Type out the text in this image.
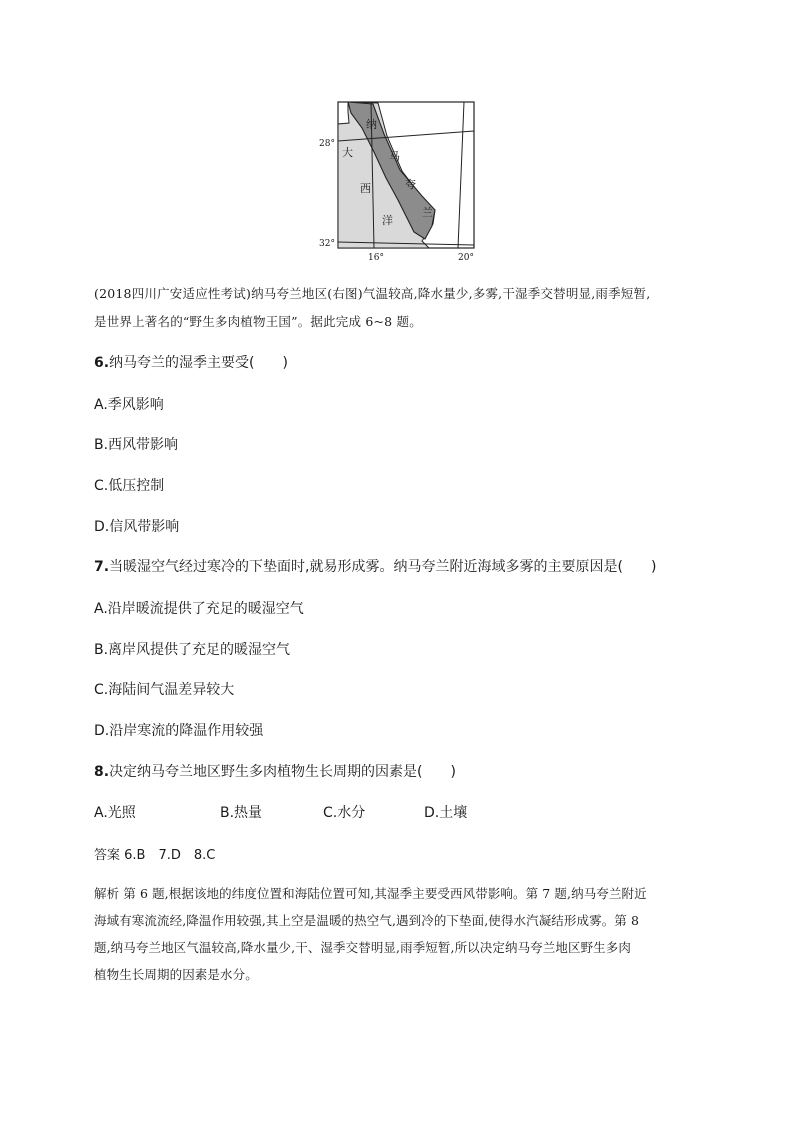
纳
马
夸
兰
大
西
洋
28°
32°
16°	20°
(2018四川广安适应性考试)纳马夸兰地区(右图)气温较高,降水量少,多雾,干湿季交替明显,雨季短暂,
是世界上著名的“野生多肉植物王国”。据此完成 6~8 题。
6.纳马夸兰的湿季主要受(　　)
A.季风影响
B.西风带影响
C.低压控制
D.信风带影响
7.当暖湿空气经过寒冷的下垫面时,就易形成雾。纳马夸兰附近海域多雾的主要原因是(　　)
A.沿岸暖流提供了充足的暖湿空气
B.离岸风提供了充足的暖湿空气
C.海陆间气温差异较大
D.沿岸寒流的降温作用较强
8.决定纳马夸兰地区野生多肉植物生长周期的因素是(　　)
A.光照	B.热量	C.水分	D.土壤
答案 6.B　7.D　8.C
解析 第 6 题,根据该地的纬度位置和海陆位置可知,其湿季主要受西风带影响。第 7 题,纳马夸兰附近
海域有寒流流经,降温作用较强,其上空是温暖的热空气,遇到冷的下垫面,使得水汽凝结形成雾。第 8
题,纳马夸兰地区气温较高,降水量少,干、湿季交替明显,雨季短暂,所以决定纳马夸兰地区野生多肉
植物生长周期的因素是水分。
